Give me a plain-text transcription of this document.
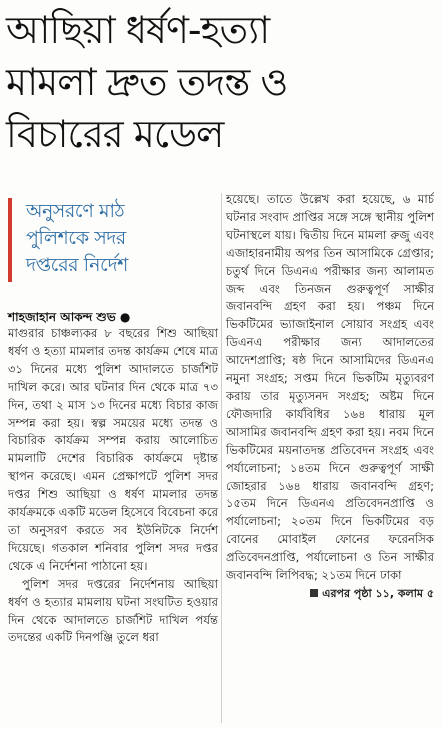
আছিয়া ধর্ষণ-হত্যা
মামলা দ্রুত তদন্ত ও
বিচারের মডেল
অনুসরণে মাঠ
পুলিশকে সদর
দপ্তরের নির্দেশ
শাহজাহান আকন্দ শুভ ●

মাগুরার চাঞ্চল্যকর ৮ বছরের শিশু আছিয়া ধর্ষণ ও হত্যা মামলার তদন্ত কার্যক্রম শেষে মাত্র ৩১ দিনের মধ্যে পুলিশ আদালতে চার্জশিট দাখিল করে। আর ঘটনার দিন থেকে মাত্র ৭৩ দিন, তথা ২ মাস ১৩ দিনের মধ্যে বিচার কাজ সম্পন্ন করা হয়। স্বল্প সময়ের মধ্যে তদন্ত ও বিচারিক কার্যক্রম সম্পন্ন করায় আলোচিত মামলাটি দেশের বিচারিক কার্যক্রমে দৃষ্টান্ত স্থাপন করেছে। এমন প্রেক্ষাপটে পুলিশ সদর দপ্তর শিশু আছিয়া ও ধর্ষণ মামলার তদন্ত কার্যক্রমকে একটি মডেল হিসেবে বিবেচনা করে তা অনুসরণ করতে সব ইউনিটকে নির্দেশ দিয়েছে। গতকাল শনিবার পুলিশ সদর দপ্তর থেকে এ নির্দেশনা পাঠানো হয়।

পুলিশ সদর দপ্তরের নির্দেশনায় আছিয়া ধর্ষণ ও হত্যার মামলায় ঘটনা সংঘটিত হওয়ার দিন থেকে আদালতে চার্জশিট দাখিল পর্যন্ত তদন্তের একটি দিনপঞ্জি তুলে ধরা

হয়েছে। তাতে উল্লেখ করা হয়েছে, ৬ মার্চ ঘটনার সংবাদ প্রাপ্তির সঙ্গে সঙ্গে স্থানীয় পুলিশ ঘটনাস্থলে যায়। দ্বিতীয় দিনে মামলা রুজু এবং এজাহারনামীয় অপর তিন আসামিকে গ্রেপ্তার; চতুর্থ দিনে ডিএনএ পরীক্ষার জন্য আলামত জব্দ এবং তিনজন গুরুত্বপূর্ণ সাক্ষীর জবানবন্দি গ্রহণ করা হয়। পঞ্চম দিনে ভিকটিমের ভ্যাজাইনাল সোয়াব সংগ্রহ এবং ডিএনএ পরীক্ষার জন্য আদালতের আদেশপ্রাপ্তি; ষষ্ঠ দিনে আসামিদের ডিএনএ নমুনা সংগ্রহ; সপ্তম দিনে ভিকটিম মৃত্যুবরণ করায় তার মৃত্যুসনদ সংগ্রহ; অষ্টম দিনে ফৌজদারি কার্যবিধির ১৬৪ ধারায় মূল আসামির জবানবন্দি গ্রহণ করা হয়। নবম দিনে ভিকটিমের ময়নাতদন্ত প্রতিবেদন সংগ্রহ এবং পর্যালোচনা; ১৪তম দিনে গুরুত্বপূর্ণ সাক্ষী জোহরার ১৬৪ ধারায় জবানবন্দি গ্রহণ; ১৫তম দিনে ডিএনএ প্রতিবেদনপ্রাপ্তি ও পর্যালোচনা; ২০তম দিনে ভিকটিমের বড় বোনের মোবাইল ফোনের ফরেনসিক প্রতিবেদনপ্রাপ্তি, পর্যালোচনা ও তিন সাক্ষীর জবানবন্দি লিপিবদ্ধ; ২১তম দিনে ঢাকা

এরপর পৃষ্ঠা ১১, কলাম ৫
